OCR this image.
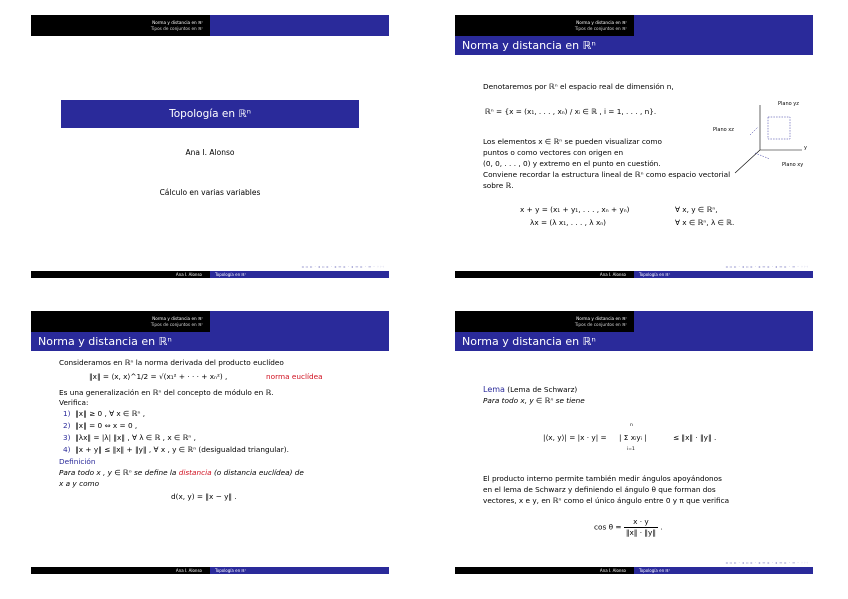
Norma y distancia en ℝⁿ
Tipos de conjuntos en ℝⁿ
Topología en ℝⁿ
Ana I. Alonso
Cálculo en varias variables
◂ ▫ ▸ · ◂ ▫ ▸ · ◂ ≡ ▸ · ◂ ≡ ▸ · ≡ · ◦◦◦
Ana I. Alonso	Topología en ℝⁿ
Norma y distancia en ℝⁿ
Tipos de conjuntos en ℝⁿ
Norma y distancia en ℝⁿ
Denotaremos por ℝⁿ el espacio real de dimensión n,
ℝⁿ = {x = (x₁, . . . , xₙ) / xᵢ ∈ ℝ , i = 1, . . . , n}.
Los elementos x ∈ ℝⁿ se pueden visualizar como
puntos o como vectores con origen en
(0, 0, . . . , 0) y extremo en el punto en cuestión.
Conviene recordar la estructura lineal de ℝⁿ como espacio vectorial
sobre ℝ.
x + y = (x₁ + y₁, . . . , xₙ + yₙ)	∀ x, y ∈ ℝⁿ,
λx = (λ x₁, . . . , λ xₙ)	∀ x ∈ ℝⁿ, λ ∈ ℝ.
Plano yz
Plano xz
Plano xy
y
◂ ▫ ▸ · ◂ ▫ ▸ · ◂ ≡ ▸ · ◂ ≡ ▸ · ≡ · ◦◦◦
Ana I. Alonso	Topología en ℝⁿ
Norma y distancia en ℝⁿ
Tipos de conjuntos en ℝⁿ
Norma y distancia en ℝⁿ
Consideramos en ℝⁿ la norma derivada del producto euclídeo
‖x‖ = ⟨x, x⟩^1/2 = √(x₁² + · · · + xₙ²) ,	norma euclídea
Es una generalización en ℝⁿ del concepto de módulo en ℝ.
Verifica:
1) ‖x‖ ≥ 0 , ∀ x ∈ ℝⁿ ,
2) ‖x‖ = 0 ⇔ x = 0 ,
3) ‖λx‖ = |λ| ‖x‖ , ∀ λ ∈ ℝ , x ∈ ℝⁿ ,
4) ‖x + y‖ ≤ ‖x‖ + ‖y‖ , ∀ x , y ∈ ℝⁿ (desigualdad triangular).
Definición
Para todo x , y ∈ ℝⁿ se define la distancia (o distancia euclídea) de
x a y como
d(x, y) = ‖x − y‖ .
Ana I. Alonso	Topología en ℝⁿ
Norma y distancia en ℝⁿ
Tipos de conjuntos en ℝⁿ
Norma y distancia en ℝⁿ
Lema (Lema de Schwarz)
Para todo x, y ∈ ℝⁿ se tiene
|⟨x, y⟩| = |x · y| =
n
| Σ xᵢyᵢ |
i=1
≤ ‖x‖ · ‖y‖ .
El producto interno permite también medir ángulos apoyándonos
en el lema de Schwarz y definiendo el ángulo θ que forman dos
vectores, x e y, en ℝⁿ como el único ángulo entre 0 y π que verifica
$\cos \theta = \frac{x \cdot y}{‖x‖ \cdot ‖y‖}$ .
◂ ▫ ▸ · ◂ ▫ ▸ · ◂ ≡ ▸ · ◂ ≡ ▸ · ≡ · ◦◦◦
Ana I. Alonso	Topología en ℝⁿ
